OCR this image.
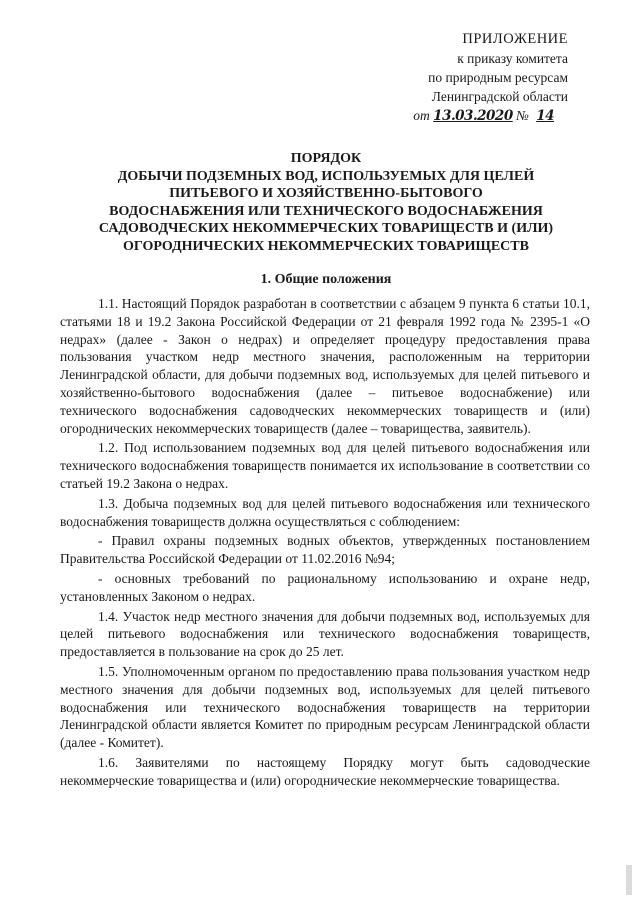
ПРИЛОЖЕНИЕ
к приказу комитета
по природным ресурсам
Ленинградской области
от 13.03.2020 № 14
ПОРЯДОК
ДОБЫЧИ ПОДЗЕМНЫХ ВОД, ИСПОЛЬЗУЕМЫХ ДЛЯ ЦЕЛЕЙ
ПИТЬЕВОГО И ХОЗЯЙСТВЕННО-БЫТОВОГО
ВОДОСНАБЖЕНИЯ ИЛИ ТЕХНИЧЕСКОГО ВОДОСНАБЖЕНИЯ
САДОВОДЧЕСКИХ НЕКОММЕРЧЕСКИХ ТОВАРИЩЕСТВ И (ИЛИ)
ОГОРОДНИЧЕСКИХ НЕКОММЕРЧЕСКИХ ТОВАРИЩЕСТВ
1. Общие положения

1.1. Настоящий Порядок разработан в соответствии с абзацем 9 пункта 6 статьи 10.1, статьями 18 и 19.2 Закона Российской Федерации от 21 февраля 1992 года № 2395-1 «О недрах» (далее - Закон о недрах) и определяет процедуру предоставления права пользования участком недр местного значения, расположенным на территории Ленинградской области, для добычи подземных вод, используемых для целей питьевого и хозяйственно-бытового водоснабжения (далее – питьевое водоснабжение) или технического водоснабжения садоводческих некоммерческих товариществ и (или) огороднических некоммерческих товариществ (далее – товарищества, заявитель).

1.2. Под использованием подземных вод для целей питьевого водоснабжения или технического водоснабжения товариществ понимается их использование в соответствии со статьей 19.2 Закона о недрах.

1.3. Добыча подземных вод для целей питьевого водоснабжения или технического водоснабжения товариществ должна осуществляться с соблюдением:

- Правил охраны подземных водных объектов, утвержденных постановлением Правительства Российской Федерации от 11.02.2016 №94;

- основных требований по рациональному использованию и охране недр, установленных Законом о недрах.

1.4. Участок недр местного значения для добычи подземных вод, используемых для целей питьевого водоснабжения или технического водоснабжения товариществ, предоставляется в пользование на срок до 25 лет.

1.5. Уполномоченным органом по предоставлению права пользования участком недр местного значения для добычи подземных вод, используемых для целей питьевого водоснабжения или технического водоснабжения товариществ на территории Ленинградской области является Комитет по природным ресурсам Ленинградской области (далее - Комитет).

1.6. Заявителями по настоящему Порядку могут быть садоводческие некоммерческие товарищества и (или) огороднические некоммерческие товарищества.
